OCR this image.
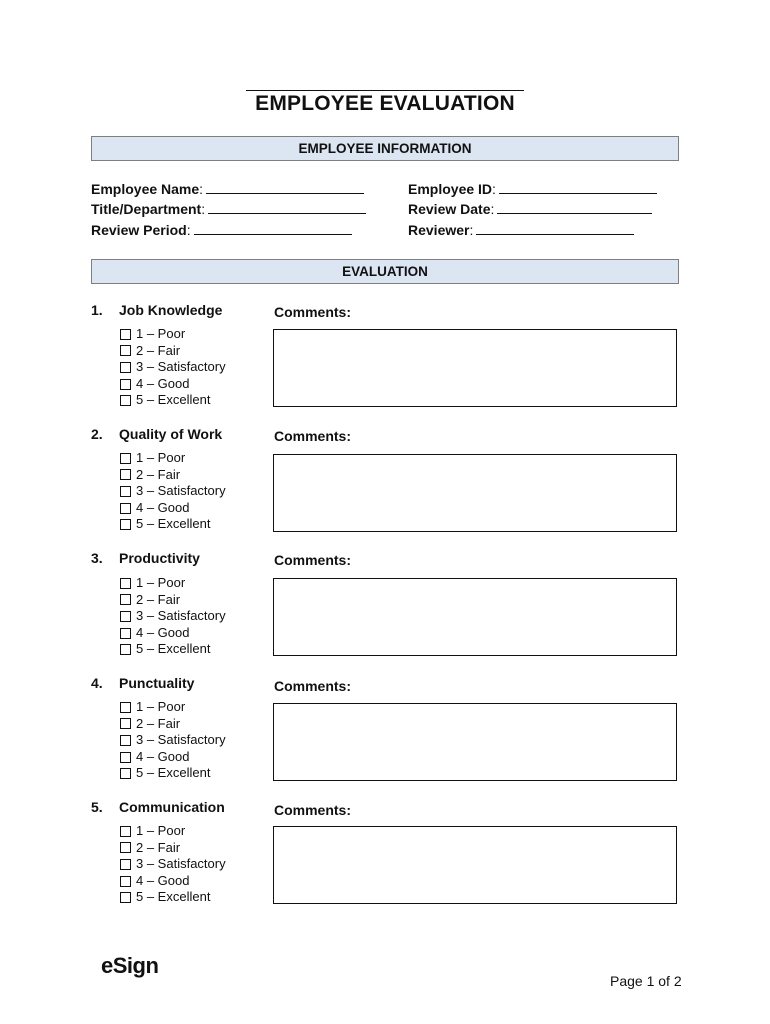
EMPLOYEE EVALUATION
EMPLOYEE INFORMATION
Employee Name:
Title/Department:
Review Period:
Employee ID:
Review Date:
Reviewer:
EVALUATION
1. Job Knowledge	Comments:
1 – Poor
2 – Fair
3 – Satisfactory
4 – Good
5 – Excellent
2. Quality of Work	Comments:
1 – Poor
2 – Fair
3 – Satisfactory
4 – Good
5 – Excellent
3. Productivity	Comments:
1 – Poor
2 – Fair
3 – Satisfactory
4 – Good
5 – Excellent
4. Punctuality	Comments:
1 – Poor
2 – Fair
3 – Satisfactory
4 – Good
5 – Excellent
5. Communication	Comments:
1 – Poor
2 – Fair
3 – Satisfactory
4 – Good
5 – Excellent
eSign
Page 1 of 2
